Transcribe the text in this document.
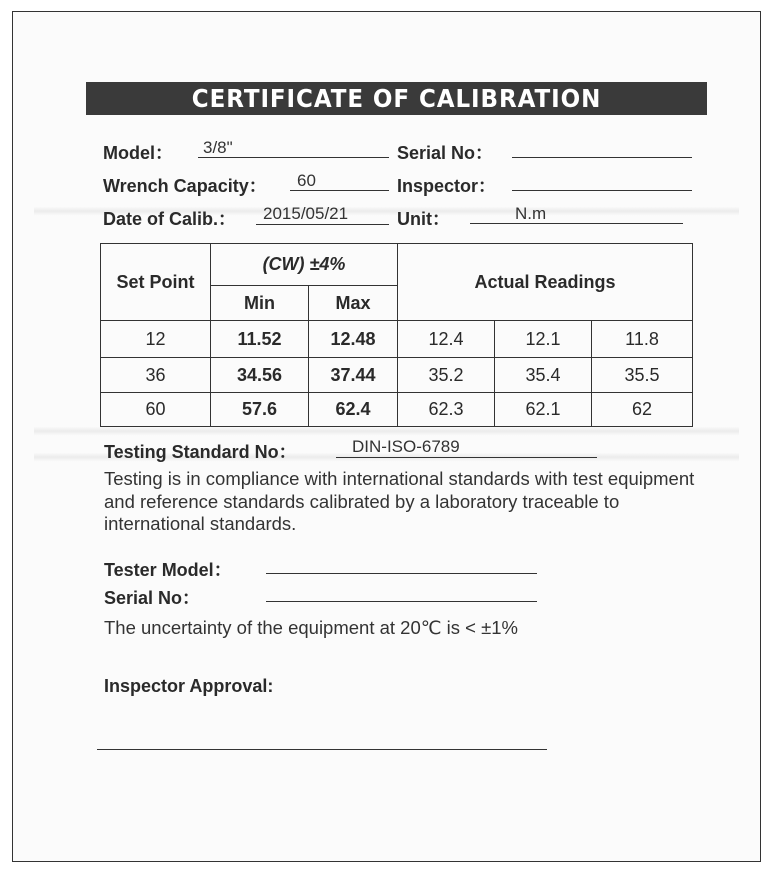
CERTIFICATE OF CALIBRATION
Model： 3/8"	Serial No：
Wrench Capacity： 60	Inspector：
Date of Calib.： 2015/05/21	Unit：	N.m
Set Point	(CW) ±4%		Actual Readings		
	Min	Max			
12	11.52	12.48	12.4	12.1	11.8
36	34.56	37.44	35.2	35.4	35.5
60	57.6	62.4	62.3	62.1	62
Testing Standard No：	DIN-ISO-6789
Testing is in compliance with international standards with test equipment and reference standards calibrated by a laboratory traceable to international standards.
Tester Model：
Serial No：
The uncertainty of the equipment at 20℃ is < ±1%
Inspector Approval:
